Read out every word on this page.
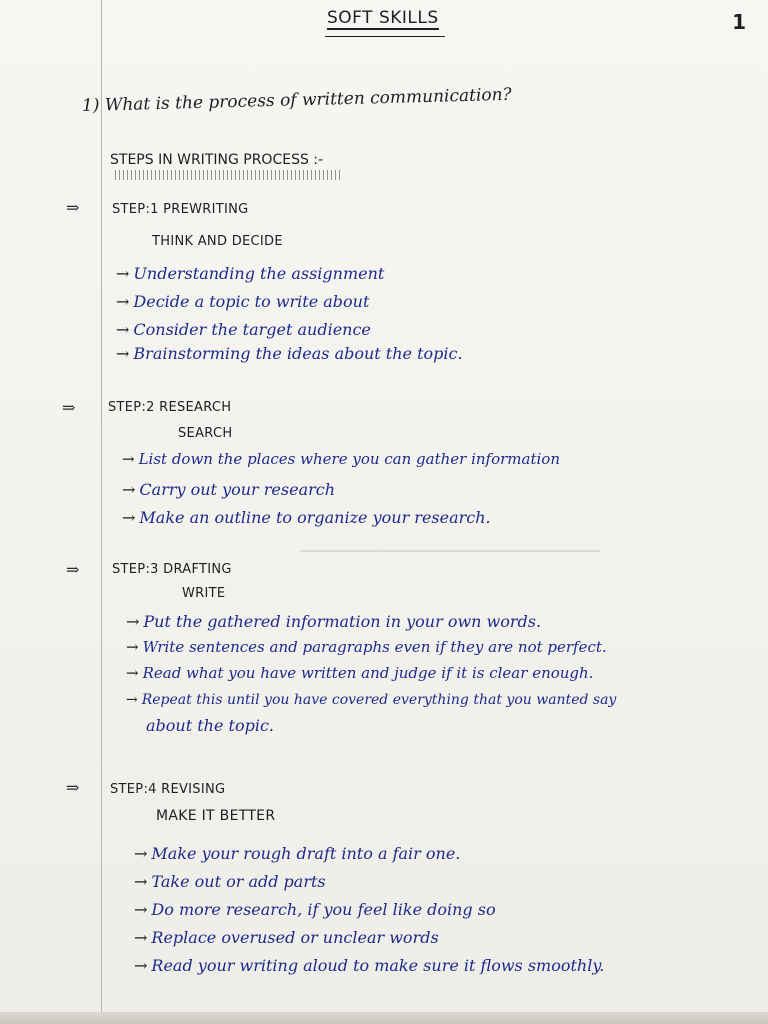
SOFT SKILLS	1
1) What is the process of written communication?
STEPS IN WRITING PROCESS :-
⇒	STEP:1 PREWRITING
THINK AND DECIDE
→ Understanding the assignment
→ Decide a topic to write about
→ Consider the target audience
→ Brainstorming the ideas about the topic.
⇒	STEP:2 RESEARCH
SEARCH
→ List down the places where you can gather information
→ Carry out your research
→ Make an outline to organize your research.
⇒	STEP:3 DRAFTING
WRITE
→ Put the gathered information in your own words.
→ Write sentences and paragraphs even if they are not perfect.
→ Read what you have written and judge if it is clear enough.
→ Repeat this until you have covered everything that you wanted say
about the topic.
⇒	STEP:4 REVISING
MAKE IT BETTER
→ Make your rough draft into a fair one.
→ Take out or add parts
→ Do more research, if you feel like doing so
→ Replace overused or unclear words
→ Read your writing aloud to make sure it flows smoothly.
